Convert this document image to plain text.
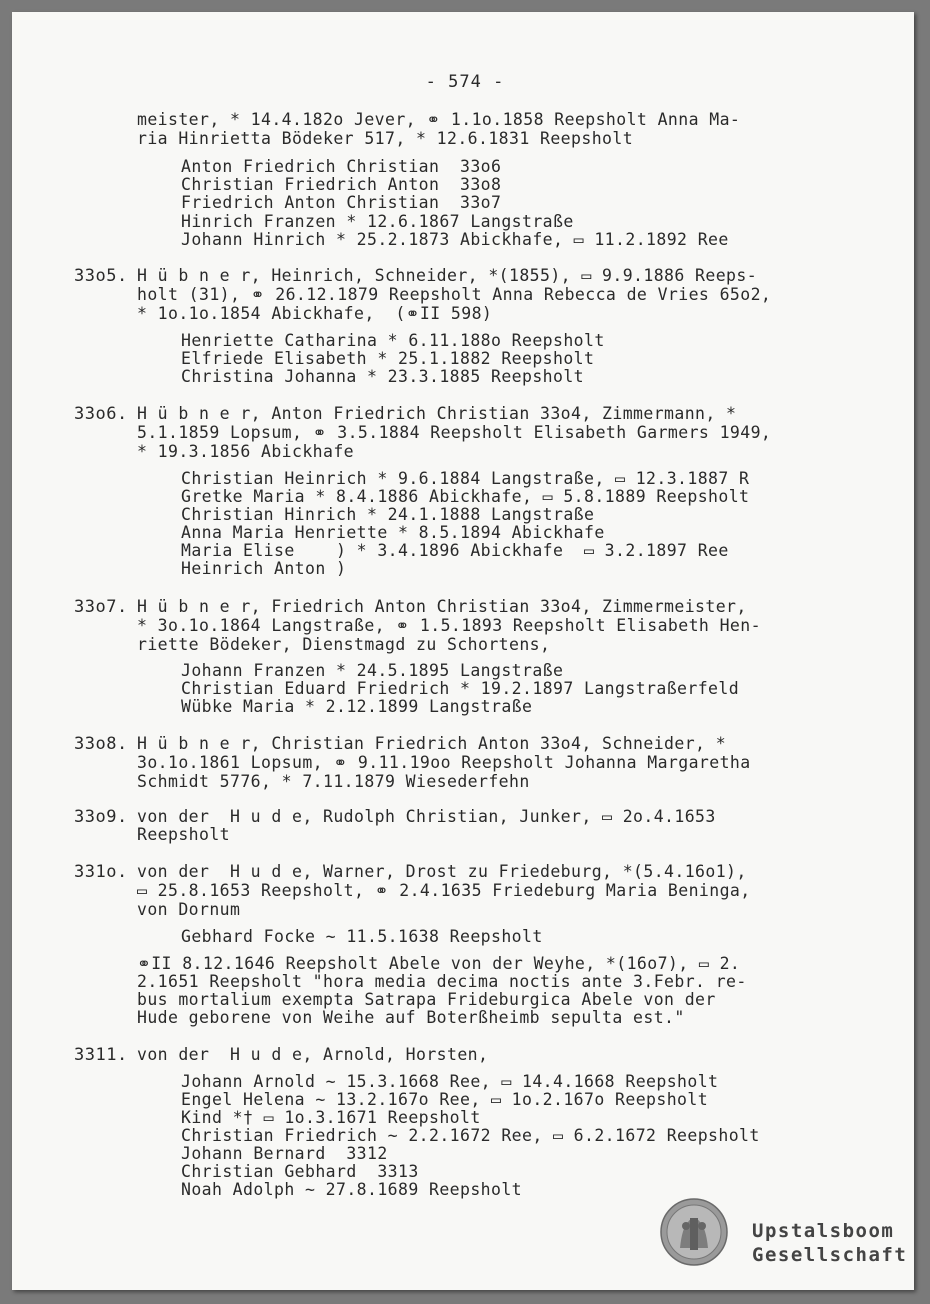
- 574 -
meister, * 14.4.182o Jever, ⚭ 1.1o.1858 Reepsholt Anna Ma-
ria Hinrietta Bödeker 517, * 12.6.1831 Reepsholt
Anton Friedrich Christian  33o6
Christian Friedrich Anton  33o8
Friedrich Anton Christian  33o7
Hinrich Franzen * 12.6.1867 Langstraße
Johann Hinrich * 25.2.1873 Abickhafe, ▭ 11.2.1892 Ree
33o5. H ü b n e r, Heinrich, Schneider, *(1855), ▭ 9.9.1886 Reeps-
holt (31), ⚭ 26.12.1879 Reepsholt Anna Rebecca de Vries 65o2,
* 1o.1o.1854 Abickhafe,  (⚭II 598)
Henriette Catharina * 6.11.188o Reepsholt
Elfriede Elisabeth * 25.1.1882 Reepsholt
Christina Johanna * 23.3.1885 Reepsholt
33o6. H ü b n e r, Anton Friedrich Christian 33o4, Zimmermann, *
5.1.1859 Lopsum, ⚭ 3.5.1884 Reepsholt Elisabeth Garmers 1949,
* 19.3.1856 Abickhafe
Christian Heinrich * 9.6.1884 Langstraße, ▭ 12.3.1887 R
Gretke Maria * 8.4.1886 Abickhafe, ▭ 5.8.1889 Reepsholt
Christian Hinrich * 24.1.1888 Langstraße
Anna Maria Henriette * 8.5.1894 Abickhafe
Maria Elise    ) * 3.4.1896 Abickhafe  ▭ 3.2.1897 Ree
Heinrich Anton )
33o7. H ü b n e r, Friedrich Anton Christian 33o4, Zimmermeister,
* 3o.1o.1864 Langstraße, ⚭ 1.5.1893 Reepsholt Elisabeth Hen-
riette Bödeker, Dienstmagd zu Schortens,
Johann Franzen * 24.5.1895 Langstraße
Christian Eduard Friedrich * 19.2.1897 Langstraßerfeld
Wübke Maria * 2.12.1899 Langstraße
33o8. H ü b n e r, Christian Friedrich Anton 33o4, Schneider, *
3o.1o.1861 Lopsum, ⚭ 9.11.19oo Reepsholt Johanna Margaretha
Schmidt 5776, * 7.11.1879 Wiesederfehn
33o9. von der  H u d e, Rudolph Christian, Junker, ▭ 2o.4.1653
Reepsholt
331o. von der  H u d e, Warner, Drost zu Friedeburg, *(5.4.16o1),
▭ 25.8.1653 Reepsholt, ⚭ 2.4.1635 Friedeburg Maria Beninga,
von Dornum
Gebhard Focke ~ 11.5.1638 Reepsholt
⚭II 8.12.1646 Reepsholt Abele von der Weyhe, *(16o7), ▭ 2.
2.1651 Reepsholt "hora media decima noctis ante 3.Febr. re-
bus mortalium exempta Satrapa Frideburgica Abele von der
Hude geborene von Weihe auf Boterßheimb sepulta est."
3311. von der  H u d e, Arnold, Horsten,
Johann Arnold ~ 15.3.1668 Ree, ▭ 14.4.1668 Reepsholt
Engel Helena ~ 13.2.167o Ree, ▭ 1o.2.167o Reepsholt
Kind *† ▭ 1o.3.1671 Reepsholt
Christian Friedrich ~ 2.2.1672 Ree, ▭ 6.2.1672 Reepsholt
Johann Bernard  3312
Christian Gebhard  3313
Noah Adolph ~ 27.8.1689 Reepsholt
Upstalsboom
Gesellschaft
